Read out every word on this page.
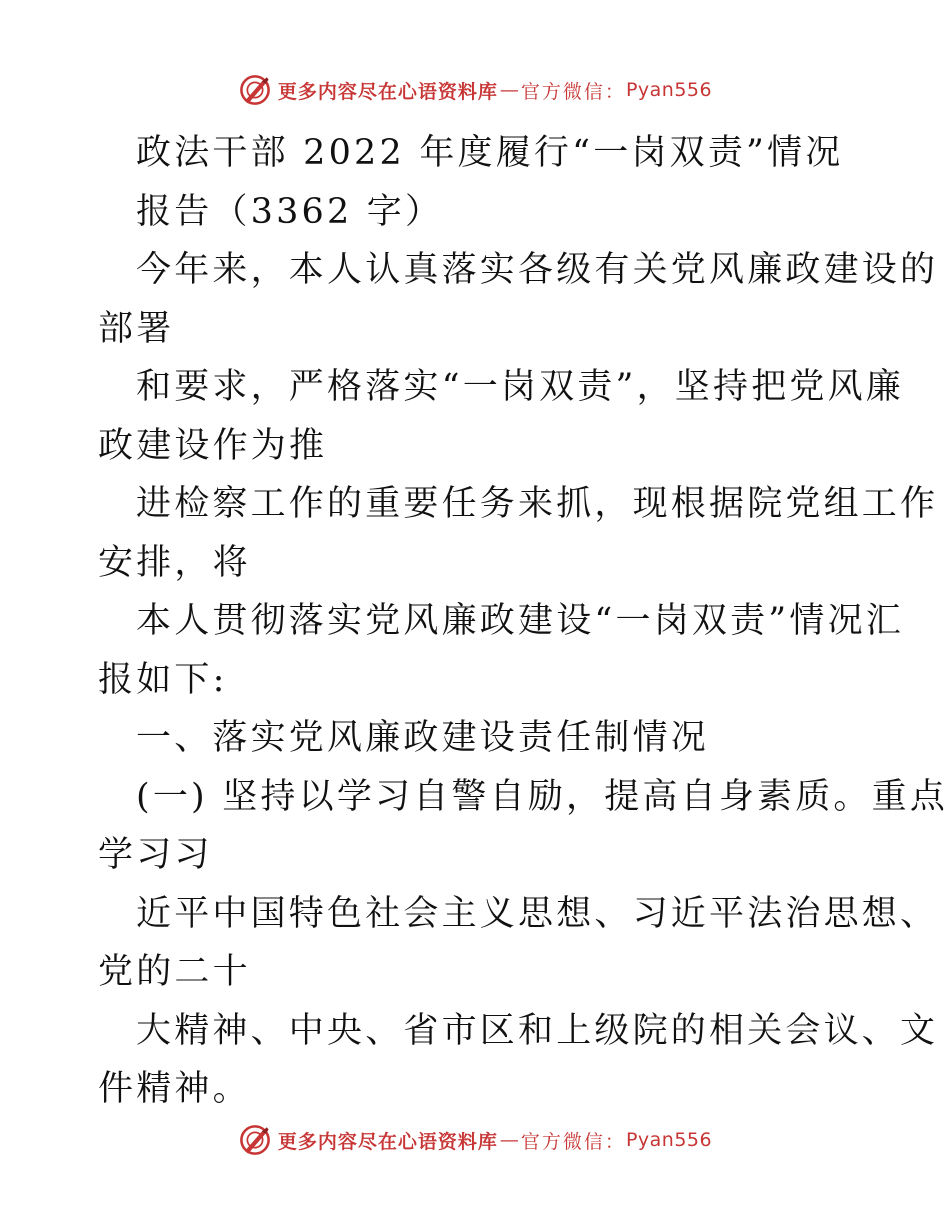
更多内容尽在心语资料库 — 官方微信： Pyan556
政法干部 2022 年度履行“一岗双责”情况
报告（3362 字）
今年来，本人认真落实各级有关党风廉政建设的
部署
和要求，严格落实“一岗双责”，坚持把党风廉
政建设作为推
进检察工作的重要任务来抓，现根据院党组工作
安排，将
本人贯彻落实党风廉政建设“一岗双责”情况汇
报如下:
一、落实党风廉政建设责任制情况
(一) 坚持以学习自警自励，提高自身素质。重点
学习习
近平中国特色社会主义思想、习近平法治思想、
党的二十
大精神、中央、省市区和上级院的相关会议、文
件精神。
更多内容尽在心语资料库 — 官方微信： Pyan556
